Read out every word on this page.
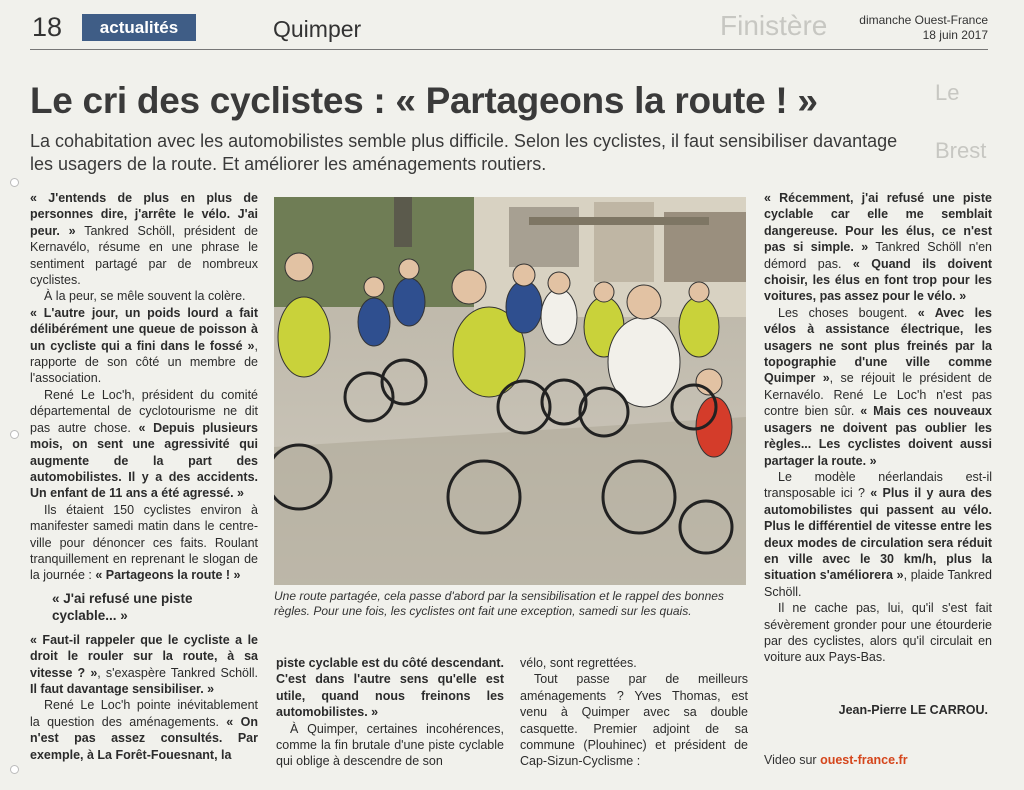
Finistère
Le
Brest
18	actualités	Quimper	dimanche Ouest-France
18 juin 2017
Le cri des cyclistes : « Partageons la route ! »
La cohabitation avec les automobilistes semble plus difficile. Selon les cyclistes, il faut sensibiliser davantage les usagers de la route. Et améliorer les aménagements routiers.

« J'entends de plus en plus de personnes dire, j'arrête le vélo. J'ai peur. » Tankred Schöll, président de Kernavélo, résume en une phrase le sentiment partagé par de nombreux cyclistes.

À la peur, se mêle souvent la colère.

« L'autre jour, un poids lourd a fait délibérément une queue de poisson à un cycliste qui a fini dans le fossé », rapporte de son côté un membre de l'association.

René Le Loc'h, président du comité départemental de cyclotourisme ne dit pas autre chose. « Depuis plusieurs mois, on sent une agressivité qui augmente de la part des automobilistes. Il y a des accidents. Un enfant de 11 ans a été agressé. »

Ils étaient 150 cyclistes environ à manifester samedi matin dans le centre-ville pour dénoncer ces faits. Roulant tranquillement en reprenant le slogan de la journée : « Partageons la route ! »

« J'ai refusé une piste cyclable... »

« Faut-il rappeler que le cycliste a le droit le rouler sur la route, à sa vitesse ? », s'exaspère Tankred Schöll. Il faut davantage sensibiliser. »

René Le Loc'h pointe inévitablement la question des aménagements. « On n'est pas assez consultés. Par exemple, à La Forêt-Fouesnant, la

Une route partagée, cela passe d'abord par la sensibilisation et le rappel des bonnes règles. Pour une fois, les cyclistes ont fait une exception, samedi sur les quais.

piste cyclable est du côté descendant. C'est dans l'autre sens qu'elle est utile, quand nous freinons les automobilistes. »

À Quimper, certaines incohérences, comme la fin brutale d'une piste cyclable qui oblige à descendre de son

vélo, sont regrettées.

Tout passe par de meilleurs aménagements ? Yves Thomas, est venu à Quimper avec sa double casquette. Premier adjoint de sa commune (Plouhinec) et président de Cap-Sizun-Cyclisme :

« Récemment, j'ai refusé une piste cyclable car elle me semblait dangereuse. Pour les élus, ce n'est pas si simple. » Tankred Schöll n'en démord pas. « Quand ils doivent choisir, les élus en font trop pour les voitures, pas assez pour le vélo. »

Les choses bougent. « Avec les vélos à assistance électrique, les usagers ne sont plus freinés par la topographie d'une ville comme Quimper », se réjouit le président de Kernavélo. René Le Loc'h n'est pas contre bien sûr. « Mais ces nouveaux usagers ne doivent pas oublier les règles... Les cyclistes doivent aussi partager la route. »

Le modèle néerlandais est-il transposable ici ? « Plus il y aura des automobilistes qui passent au vélo. Plus le différentiel de vitesse entre les deux modes de circulation sera réduit en ville avec le 30 km/h, plus la situation s'améliorera », plaide Tankred Schöll.

Il ne cache pas, lui, qu'il s'est fait sévèrement gronder pour une étourderie par des cyclistes, alors qu'il circulait en voiture aux Pays-Bas.

Jean-Pierre LE CARROU.
Video sur ouest-france.fr
